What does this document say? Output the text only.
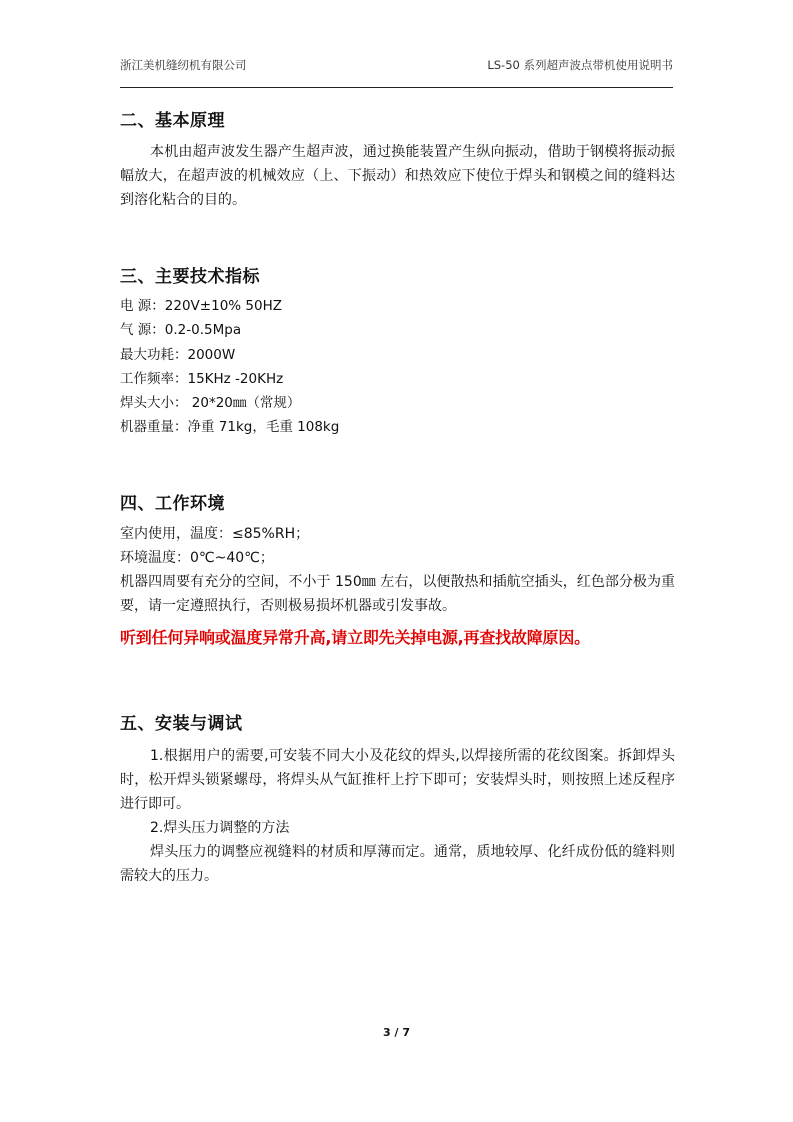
浙江美机缝纫机有限公司	LS-50 系列超声波点带机使用说明书
二、基本原理

本机由超声波发生器产生超声波，通过换能装置产生纵向振动，借助于钢模将振动振幅放大，在超声波的机械效应（上、下振动）和热效应下使位于焊头和钢模之间的缝料达到溶化粘合的目的。

三、主要技术指标

电 源：220V±10% 50HZ

气 源：0.2-0.5Mpa

最大功耗：2000W

工作频率：15KHz -20KHz

焊头大小： 20*20㎜（常规）

机器重量：净重 71kg，毛重 108kg

四、工作环境

室内使用，温度：≤85%RH；

环境温度：0℃~40℃；

机器四周要有充分的空间，不小于 150㎜ 左右，以便散热和插航空插头，红色部分极为重要，请一定遵照执行，否则极易损坏机器或引发事故。

听到任何异响或温度异常升高,请立即先关掉电源,再查找故障原因。
五、安装与调试

1.根据用户的需要,可安装不同大小及花纹的焊头,以焊接所需的花纹图案。拆卸焊头时，松开焊头锁紧螺母，将焊头从气缸推杆上拧下即可；安装焊头时，则按照上述反程序进行即可。

2.焊头压力调整的方法

焊头压力的调整应视缝料的材质和厚薄而定。通常，质地较厚、化纤成份低的缝料则需较大的压力。

3 / 7
